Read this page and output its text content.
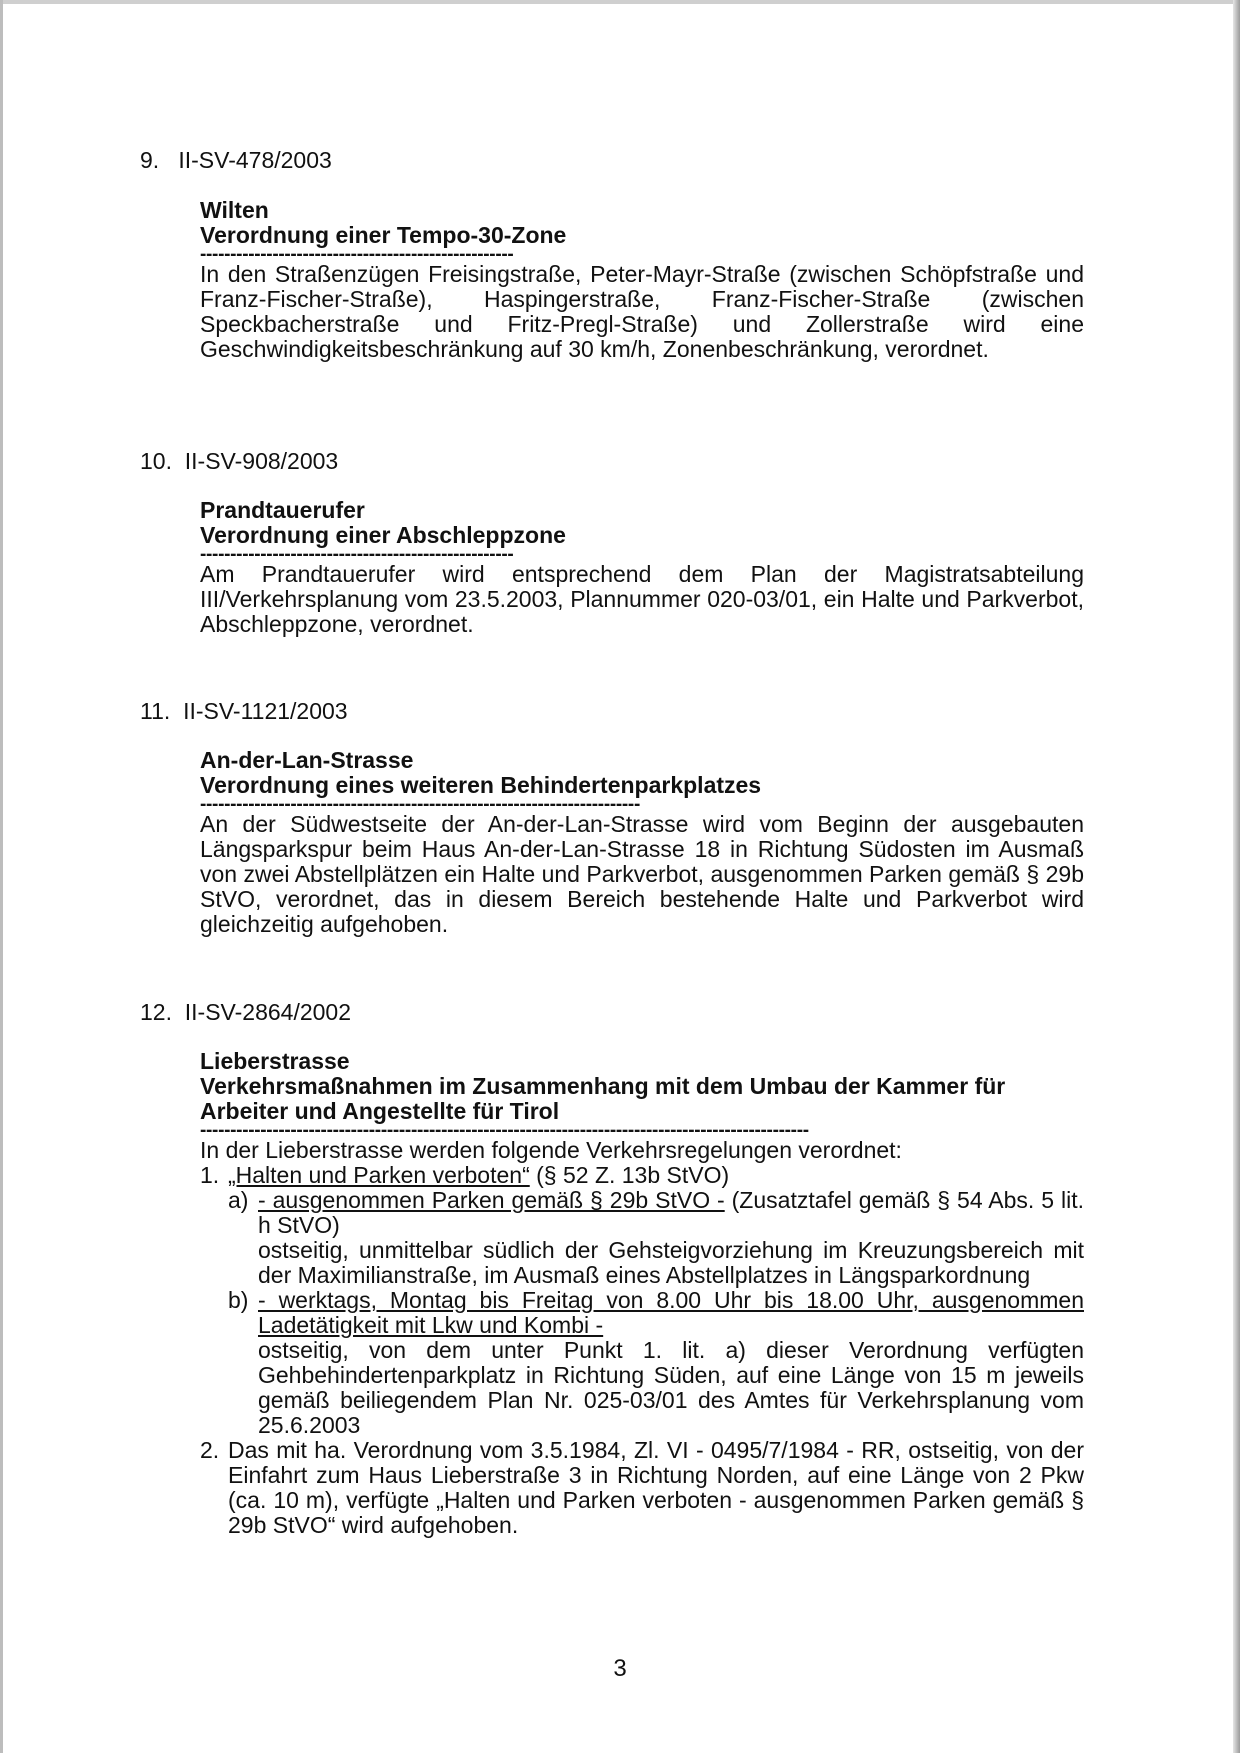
9. II-SV-478/2003
Wilten
Verordnung einer Tempo-30-Zone
----------------------------------------------------
In den Straßenzügen Freisingstraße, Peter-Mayr-Straße (zwischen Schöpfstraße und Franz-Fischer-Straße), Haspingerstraße, Franz-Fischer-Straße (zwischen Speckbacherstraße und Fritz-Pregl-Straße) und Zollerstraße wird eine Geschwindigkeitsbeschränkung auf 30 km/h, Zonenbeschränkung, verordnet.
10. II-SV-908/2003
Prandtauerufer
Verordnung einer Abschleppzone
----------------------------------------------------
Am Prandtauerufer wird entsprechend dem Plan der Magistratsabteilung III/Verkehrsplanung vom 23.5.2003, Plannummer 020-03/01, ein Halte und Parkverbot, Abschleppzone, verordnet.
11. II-SV-1121/2003
An-der-Lan-Strasse
Verordnung eines weiteren Behindertenparkplatzes
-------------------------------------------------------------------------
An der Südwestseite der An-der-Lan-Strasse wird vom Beginn der ausgebauten Längsparkspur beim Haus An-der-Lan-Strasse 18 in Richtung Südosten im Ausmaß von zwei Abstellplätzen ein Halte und Parkverbot, ausgenommen Parken gemäß § 29b StVO, verordnet, das in diesem Bereich bestehende Halte und Parkverbot wird gleichzeitig aufgehoben.
12. II-SV-2864/2002
Lieberstrasse
Verkehrsmaßnahmen im Zusammenhang mit dem Umbau der Kammer für Arbeiter und Angestellte für Tirol
-----------------------------------------------------------------------------------------------------
In der Lieberstrasse werden folgende Verkehrsregelungen verordnet:
1. „Halten und Parken verboten“ (§ 52 Z. 13b StVO)
a) - ausgenommen Parken gemäß § 29b StVO - (Zusatztafel gemäß § 54 Abs. 5 lit. h StVO)
ostseitig, unmittelbar südlich der Gehsteigvorziehung im Kreuzungsbereich mit der Maximilianstraße, im Ausmaß eines Abstellplatzes in Längsparkordnung
b) - werktags, Montag bis Freitag von 8.00 Uhr bis 18.00 Uhr, ausgenommen Ladetätigkeit mit Lkw und Kombi -
ostseitig, von dem unter Punkt 1. lit. a) dieser Verordnung verfügten Gehbehindertenparkplatz in Richtung Süden, auf eine Länge von 15 m jeweils gemäß beiliegendem Plan Nr. 025-03/01 des Amtes für Verkehrsplanung vom 25.6.2003
2. Das mit ha. Verordnung vom 3.5.1984, Zl. VI - 0495/7/1984 - RR, ostseitig, von der Einfahrt zum Haus Lieberstraße 3 in Richtung Norden, auf eine Länge von 2 Pkw (ca. 10 m), verfügte „Halten und Parken verboten - ausgenommen Parken gemäß § 29b StVO“ wird aufgehoben.
3
